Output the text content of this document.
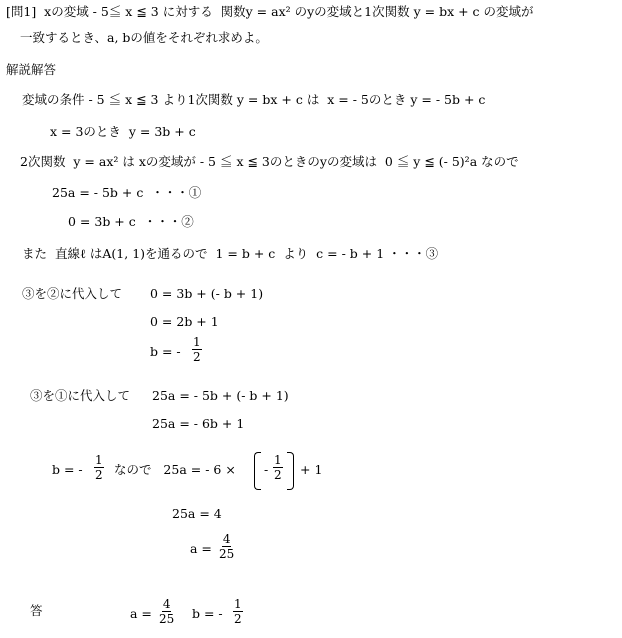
[問1]  xの変域 - 5≦ x ≦ 3 に対する  関数y = ax² のyの変域と1次関数 y = bx + c の変域が
一致するとき、a, bの値をそれぞれ求めよ。
解説解答
変域の条件 - 5 ≦ x ≦ 3 より1次関数 y = bx + c は  x = - 5のとき y = - 5b + c
x = 3のとき  y = 3b + c
2次関数  y = ax² は xの変域が - 5 ≦ x ≦ 3のときのyの変域は  0 ≦ y ≦ (- 5)²a なので
25a = - 5b + c  ・・・①
0 = 3b + c  ・・・②
また  直線ℓ はA(1, 1)を通るので  1 = b + c  より  c = - b + 1 ・・・③
③を②に代入して 0 = 3b + (- b + 1)
0 = 2b + 1
b = - $\frac{1}{2}$
③を①に代入して 25a = - 5b + (- b + 1)
25a = - 6b + 1
b = - $\frac{1}{2}$ なので   25a = - 6 × - $\frac{1}{2} + 1$
25a = 4
$a = \frac{4}{25}$
答	$a = \frac{4}{25}$ b = - $\frac{1}{2}$
